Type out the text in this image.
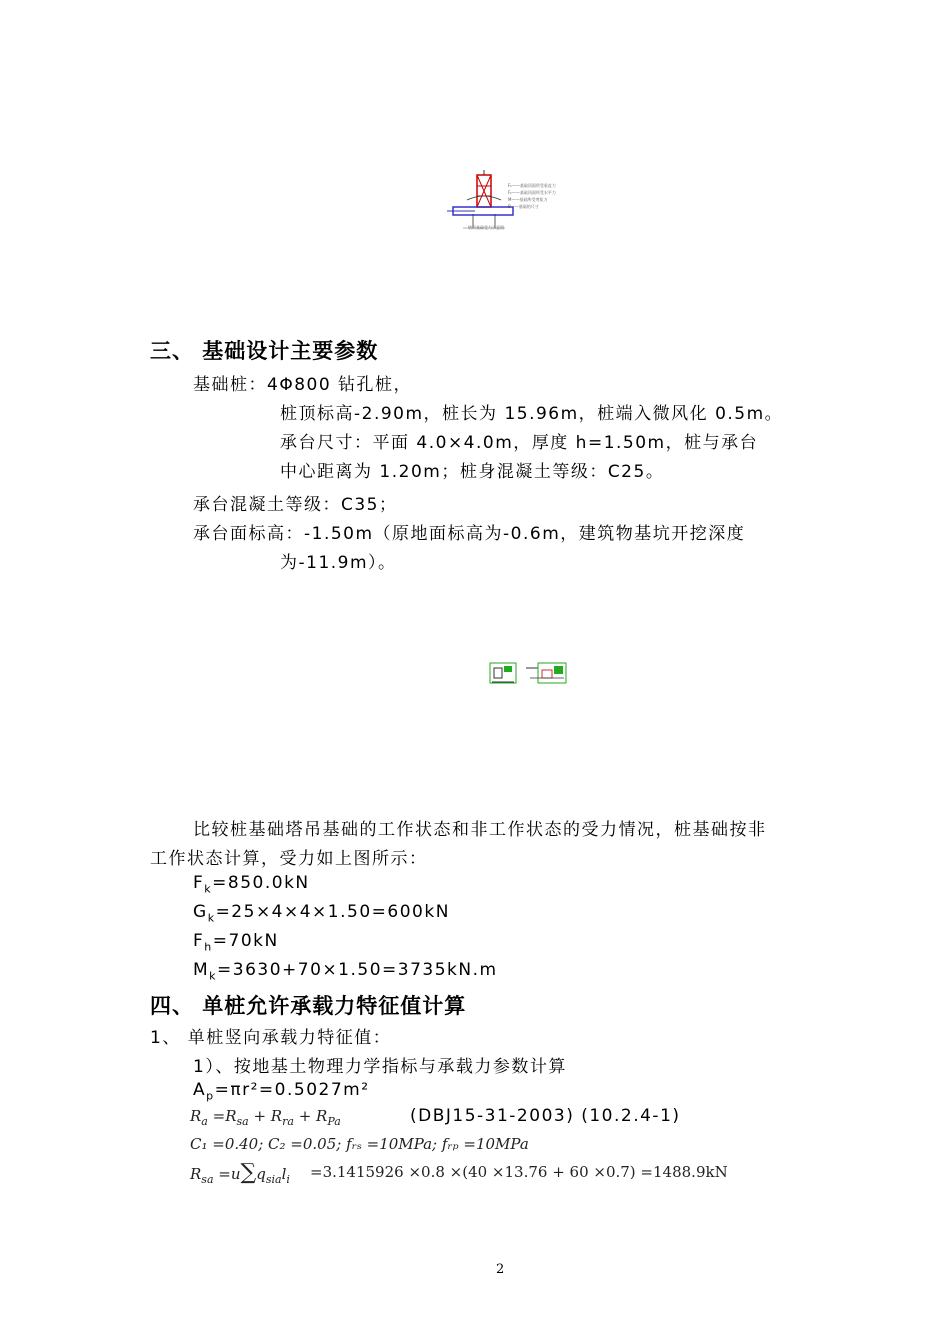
Fₕ——基础顶面所受垂直力
Fₕ——基础顶面所受水平力
M——基础所受弯矩力
B——基础的尺寸
塔吊基础受力示意图
三、 基础设计主要参数
基础桩：4Φ800 钻孔桩，
桩顶标高-2.90m，桩长为 15.96m，桩端入微风化 0.5m。
承台尺寸：平面 4.0×4.0m，厚度 h=1.50m，桩与承台
中心距离为 1.20m；桩身混凝土等级：C25。
承台混凝土等级：C35；
承台面标高：-1.50m（原地面标高为-0.6m，建筑物基坑开挖深度
为-11.9m）。
比较桩基础塔吊基础的工作状态和非工作状态的受力情况，桩基础按非
工作状态计算，受力如上图所示：
$F_k=850.0kN$
$G_k=25\times 4\times 4\times 1.50=600kN$
$F_h=70kN$
$M_k=3630+70\times 1.50=3735kN.m$
四、 单桩允许承载力特征值计算
1、 单桩竖向承载力特征值：
1）、按地基土物理力学指标与承载力参数计算
$A_p=\pi r^2=0.5027m^2$
$R_a =R_{sa} + R_{ra} + R_{Pa}$	(DBJ15-31-2003) (10.2.4-1)
C₁ =0.40; C₂ =0.05; fᵣₛ =10MPa; fᵣₚ =10MPa
$R_{sa} =u\sum q_{sia}l_i =3.1415926 \times 0.8 \times(40 \times 13.76 + 60 \times 0.7) =1488.9kN$
2
